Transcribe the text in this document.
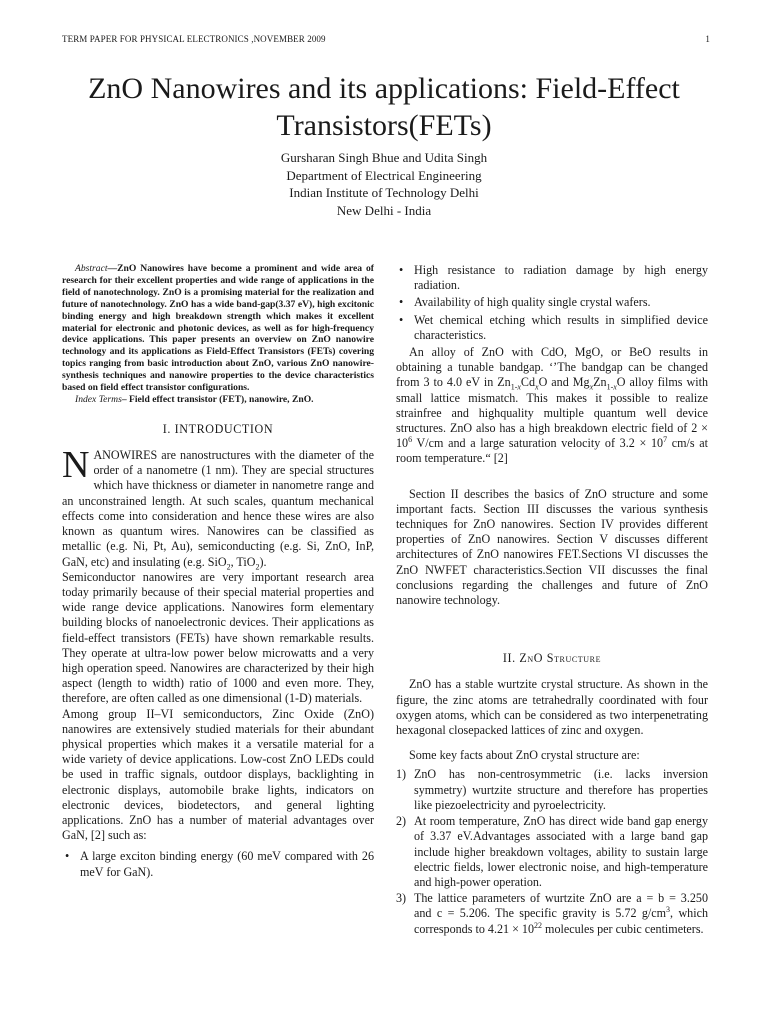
TERM PAPER FOR PHYSICAL ELECTRONICS ,NOVEMBER 2009	1
ZnO Nanowires and its applications: Field-Effect Transistors(FETs)
Gursharan Singh Bhue and Udita Singh
Department of Electrical Engineering
Indian Institute of Technology Delhi
New Delhi - India

Abstract—ZnO Nanowires have become a prominent and wide area of research for their excellent properties and wide range of applications in the field of nanotechnology. ZnO is a promising material for the realization and future of nanotechnology. ZnO has a wide band-gap(3.37 eV), high excitonic binding energy and high breakdown strength which makes it excellent material for electronic and photonic devices, as well as for high-frequency device applications. This paper presents an overview on ZnO nanowire technology and its applications as Field-Effect Transistors (FETs) covering topics ranging from basic introduction about ZnO, various ZnO nanowire-synthesis techniques and nanowire properties to the device characteristics based on field effect transistor configurations.

Index Terms– Field effect transistor (FET), nanowire, ZnO.

I. INTRODUCTION

NANOWIRES are nanostructures with the diameter of the order of a nanometre (1 nm). They are special structures which have thickness or diameter in nanometre range and an unconstrained length. At such scales, quantum mechanical effects come into consideration and hence these wires are also known as quantum wires. Nanowires can be classified as metallic (e.g. Ni, Pt, Au), semiconducting (e.g. Si, ZnO, InP, GaN, etc) and insulating (e.g. SiO$_2$, TiO$_2$).

Semiconductor nanowires are very important research area today primarily because of their special material properties and wide range device applications. Nanowires form elementary building blocks of nanoelectronic devices. Their applications as field-effect transistors (FETs) have shown remarkable results. They operate at ultra-low power below microwatts and a very high operation speed. Nanowires are characterized by their high aspect (length to width) ratio of 1000 and even more. They, therefore, are often called as one dimensional (1-D) materials.

Among group II–VI semiconductors, Zinc Oxide (ZnO) nanowires are extensively studied materials for their abundant physical properties which makes it a versatile material for a wide variety of device applications. Low-cost ZnO LEDs could be used in traffic signals, outdoor displays, backlighting in electronic displays, automobile brake lights, indicators on electronic devices, biodetectors, and general lighting applications. ZnO has a number of material advantages over GaN, [2] such as:

• A large exciton binding energy (60 meV compared with 26 meV for GaN).
• High resistance to radiation damage by high energy radiation.
• Availability of high quality single crystal wafers.
• Wet chemical etching which results in simplified device characteristics.

An alloy of ZnO with CdO, MgO, or BeO results in obtaining a tunable bandgap. ‘’The bandgap can be changed from 3 to 4.0 eV in $Zn_{1-x}Cd_xO$ and $Mg_xZn_{1-x}O$ alloy films with small lattice mismatch. This makes it possible to realize strainfree and highquality multiple quantum well device structures. ZnO also has a high breakdown electric field of $2 \times 10^6$ V/cm and a large saturation velocity of $3.2 \times 10^7$ cm/s at room temperature.“ [2]

Section II describes the basics of ZnO structure and some important facts. Section III discusses the various synthesis techniques for ZnO nanowires. Section IV provides different properties of ZnO nanowires. Section V discusses different architectures of ZnO nanowires FET.Sections VI discusses the ZnO NWFET characteristics.Section VII discusses the final conclusions regarding the challenges and future of ZnO nanowire technology.

II. ZnO Structure

ZnO has a stable wurtzite crystal structure. As shown in the figure, the zinc atoms are tetrahedrally coordinated with four oxygen atoms, which can be considered as two interpenetrating hexagonal closepacked lattices of zinc and oxygen.

Some key facts about ZnO crystal structure are:

1) ZnO has non-centrosymmetric (i.e. lacks inversion symmetry) wurtzite structure and therefore has properties like piezoelectricity and pyroelectricity.
2) At room temperature, ZnO has direct wide band gap energy of 3.37 eV.Advantages associated with a large band gap include higher breakdown voltages, ability to sustain large electric fields, lower electronic noise, and high-temperature and high-power operation.
3) The lattice parameters of wurtzite ZnO are a = b = 3.250 and c = 5.206. The specific gravity is 5.72 $g/cm^3$, which corresponds to $4.21 \times 10^{22}$ molecules per cubic centimeters.
